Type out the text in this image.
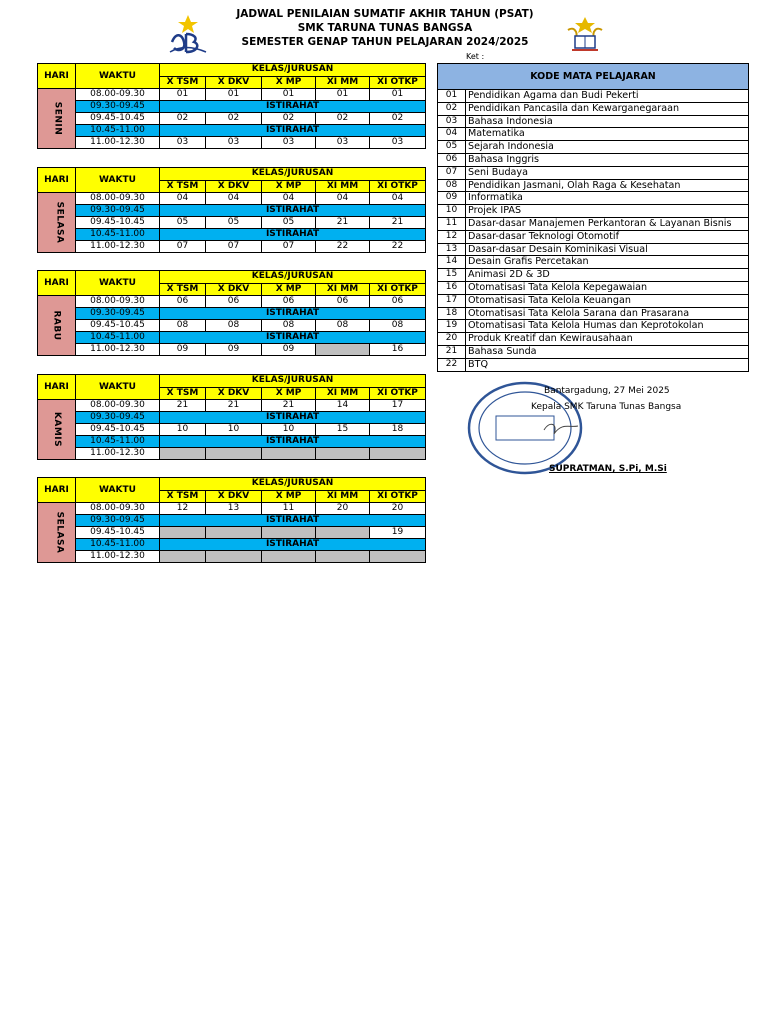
JADWAL PENILAIAN SUMATIF AKHIR TAHUN (PSAT)
SMK TARUNA TUNAS BANGSA
SEMESTER GENAP TAHUN PELAJARAN 2024/2025
Ket :
HARI	WAKTU	KELAS/JURUSAN				
		X TSM	X DKV	X MP	XI MM	XI OTKP
SENIN	08.00-09.30	01	01	01	01	01
	09.30-09.45	ISTIRAHAT				
	09.45-10.45	02	02	02	02	02
	10.45-11.00	ISTIRAHAT				
	11.00-12.30	03	03	03	03	03
HARI	WAKTU	KELAS/JURUSAN				
		X TSM	X DKV	X MP	XI MM	XI OTKP
SELASA	08.00-09.30	04	04	04	04	04
	09.30-09.45	ISTIRAHAT				
	09.45-10.45	05	05	05	21	21
	10.45-11.00	ISTIRAHAT				
	11.00-12.30	07	07	07	22	22
HARI	WAKTU	KELAS/JURUSAN				
		X TSM	X DKV	X MP	XI MM	XI OTKP
RABU	08.00-09.30	06	06	06	06	06
	09.30-09.45	ISTIRAHAT				
	09.45-10.45	08	08	08	08	08
	10.45-11.00	ISTIRAHAT				
	11.00-12.30	09	09	09		16
HARI	WAKTU	KELAS/JURUSAN				
		X TSM	X DKV	X MP	XI MM	XI OTKP
KAMIS	08.00-09.30	21	21	21	14	17
	09.30-09.45	ISTIRAHAT				
	09.45-10.45	10	10	10	15	18
	10.45-11.00	ISTIRAHAT				
	11.00-12.30					
HARI	WAKTU	KELAS/JURUSAN				
		X TSM	X DKV	X MP	XI MM	XI OTKP
SELASA	08.00-09.30	12	13	11	20	20
	09.30-09.45	ISTIRAHAT				
	09.45-10.45					19
	10.45-11.00	ISTIRAHAT				
	11.00-12.30					
KODE MATA PELAJARAN	
01	Pendidikan Agama dan Budi Pekerti
02	Pendidikan Pancasila dan Kewarganegaraan
03	Bahasa Indonesia
04	Matematika
05	Sejarah Indonesia
06	Bahasa Inggris
07	Seni Budaya
08	Pendidikan Jasmani, Olah Raga & Kesehatan
09	Informatika
10	Projek IPAS
11	Dasar-dasar Manajemen Perkantoran & Layanan Bisnis
12	Dasar-dasar Teknologi Otomotif
13	Dasar-dasar Desain Kominikasi Visual
14	Desain Grafis Percetakan
15	Animasi 2D & 3D
16	Otomatisasi Tata Kelola Kepegawaian
17	Otomatisasi Tata Kelola Keuangan
18	Otomatisasi Tata Kelola Sarana dan Prasarana
19	Otomatisasi Tata Kelola Humas dan Keprotokolan
20	Produk Kreatif dan Kewirausahaan
21	Bahasa Sunda
22	BTQ
Bantargadung, 27 Mei 2025
Kepala SMK Taruna Tunas Bangsa
SUPRATMAN, S.Pi, M.Si
